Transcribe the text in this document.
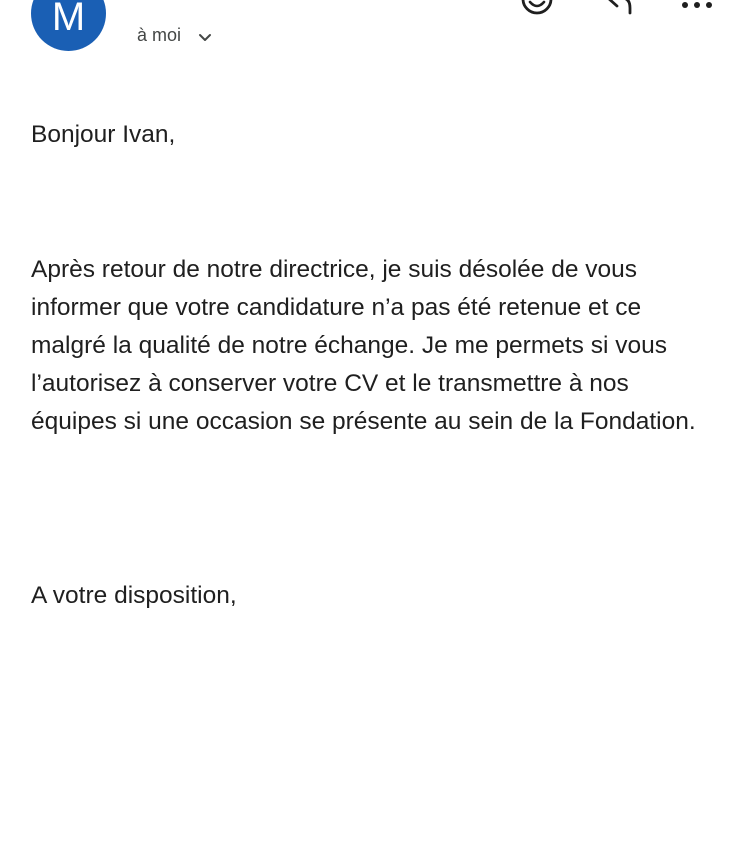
M	à moi

Bonjour Ivan,

Après retour de notre directrice, je suis désolée de vous informer que votre candidature n’a pas été retenue et ce malgré la qualité de notre échange. Je me permets si vous l’autorisez à conserver votre CV et le transmettre à nos équipes si une occasion se présente au sein de la Fondation.

A votre disposition,
